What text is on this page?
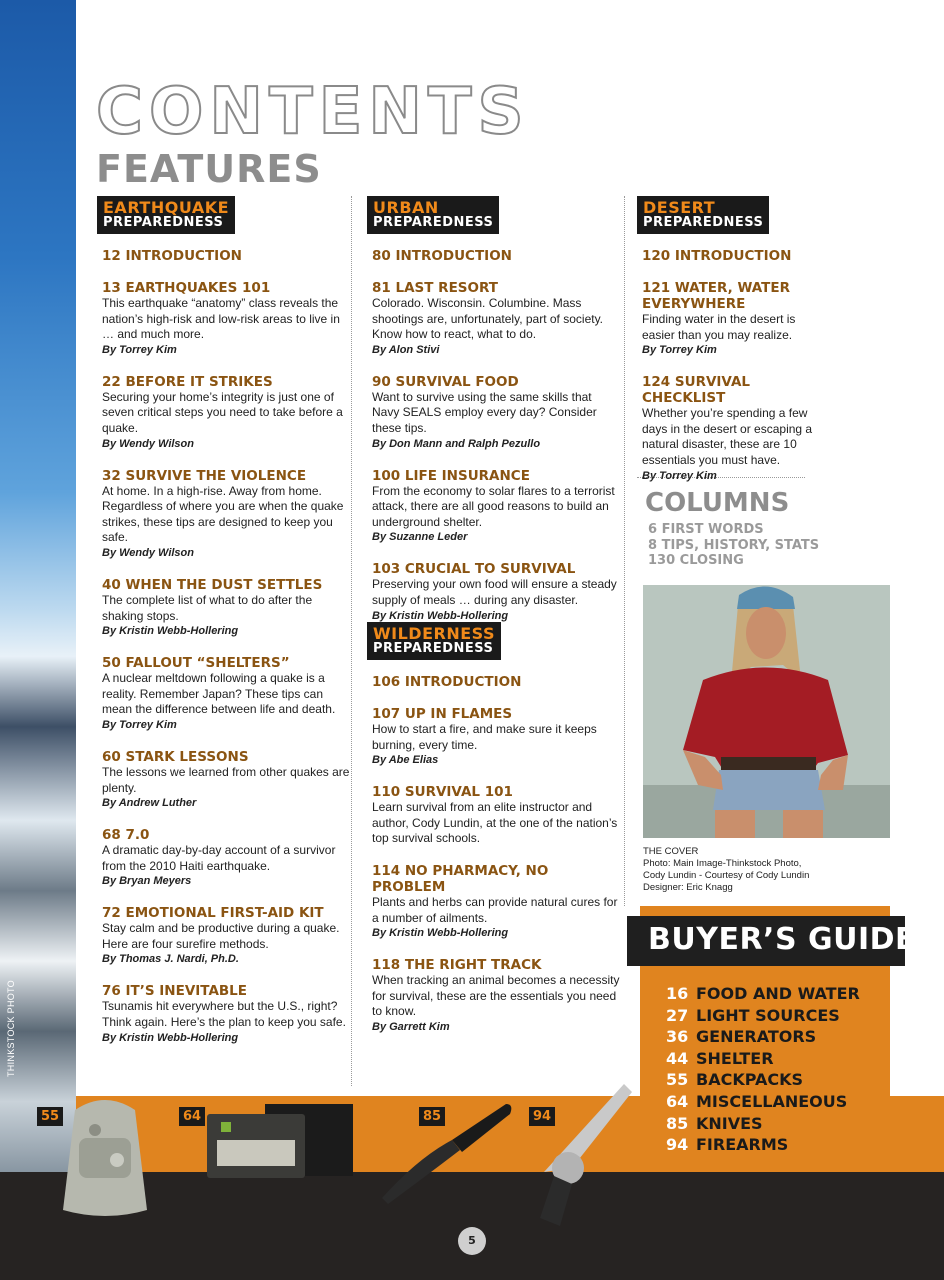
THINKSTOCK PHOTO
CONTENTS
FEATURES
EARTHQUAKE
PREPAREDNESS
12 INTRODUCTION
13 EARTHQUAKES 101
This earthquake “anatomy” class reveals the nation’s high-risk and low-risk areas to live in … and much more.
By Torrey Kim
22 BEFORE IT STRIKES
Securing your home’s integrity is just one of seven critical steps you need to take before a quake.
By Wendy Wilson
32 SURVIVE THE VIOLENCE
At home. In a high-rise. Away from home. Regardless of where you are when the quake strikes, these tips are designed to keep you safe.
By Wendy Wilson
40 WHEN THE DUST SETTLES
The complete list of what to do after the shaking stops.
By Kristin Webb-Hollering
50 FALLOUT “SHELTERS”
A nuclear meltdown following a quake is a reality. Remember Japan? These tips can mean the difference between life and death.
By Torrey Kim
60 STARK LESSONS
The lessons we learned from other quakes are plenty.
By Andrew Luther
68 7.0
A dramatic day-by-day account of a survivor from the 2010 Haiti earthquake.
By Bryan Meyers
72 EMOTIONAL FIRST-AID KIT
Stay calm and be productive during a quake. Here are four surefire methods.
By Thomas J. Nardi, Ph.D.
76 IT’S INEVITABLE
Tsunamis hit everywhere but the U.S., right? Think again. Here’s the plan to keep you safe.
By Kristin Webb-Hollering
URBAN
PREPAREDNESS
80 INTRODUCTION
81 LAST RESORT
Colorado. Wisconsin. Columbine. Mass shootings are, unfortunately, part of society. Know how to react, what to do.
By Alon Stivi
90 SURVIVAL FOOD
Want to survive using the same skills that Navy SEALS employ every day? Consider these tips.
By Don Mann and Ralph Pezullo
100 LIFE INSURANCE
From the economy to solar flares to a terrorist attack, there are all good reasons to build an underground shelter.
By Suzanne Leder
103 CRUCIAL TO SURVIVAL
Preserving your own food will ensure a steady supply of meals … during any disaster.
By Kristin Webb-Hollering
WILDERNESS
PREPAREDNESS
106 INTRODUCTION
107 UP IN FLAMES
How to start a fire, and make sure it keeps burning, every time.
By Abe Elias
110 SURVIVAL 101
Learn survival from an elite instructor and author, Cody Lundin, at the one of the nation’s top survival schools.
114 NO PHARMACY, NO PROBLEM
Plants and herbs can provide natural cures for a number of ailments.
By Kristin Webb-Hollering
118 THE RIGHT TRACK
When tracking an animal becomes a necessity for survival, these are the essentials you need to know.
By Garrett Kim
DESERT
PREPAREDNESS
120 INTRODUCTION
121 WATER, WATER EVERYWHERE
Finding water in the desert is easier than you may realize.
By Torrey Kim
124 SURVIVAL CHECKLIST
Whether you’re spending a few days in the desert or escaping a natural disaster, these are 10 essentials you must have.
By Torrey Kim
COLUMNS
6 FIRST WORDS
8 TIPS, HISTORY, STATS
130 CLOSING
THE COVER
Photo: Main Image-Thinkstock Photo,
Cody Lundin - Courtesy of Cody Lundin
Designer: Eric Knagg
BUYER’S GUIDES
16 FOOD AND WATER
27 LIGHT SOURCES
36 GENERATORS
44 SHELTER
55 BACKPACKS
64 MISCELLANEOUS
85 KNIVES
94 FIREARMS
55	64	85	94
5
